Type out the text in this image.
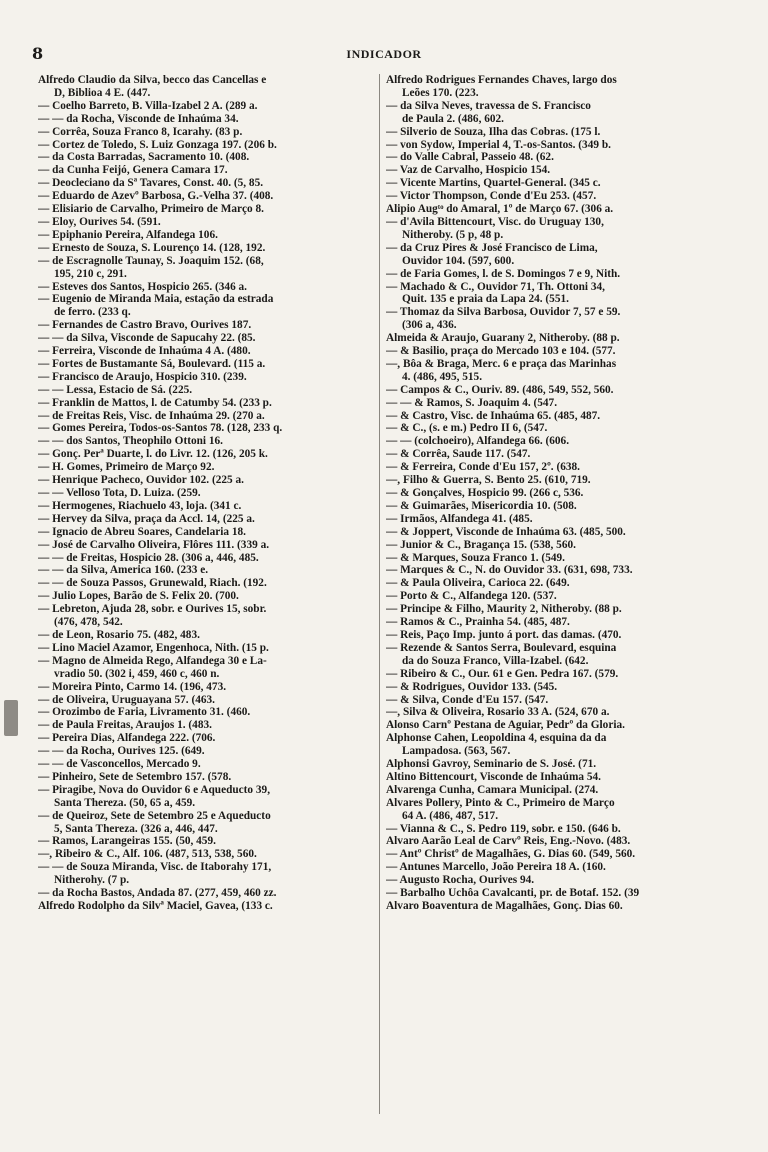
8	INDICADOR
Alfredo Claudio da Silva, becco das Cancellas e
D, Biblioa 4 E. (447.
— Coelho Barreto, B. Villa-Izabel 2 A. (289 a.
— — da Rocha, Visconde de Inhaúma 34.
— Corrêa, Souza Franco 8, Icarahy. (83 p.
— Cortez de Toledo, S. Luiz Gonzaga 197. (206 b.
— da Costa Barradas, Sacramento 10. (408.
— da Cunha Feijó, Genera Camara 17.
— Deocleciano da Sª Tavares, Const. 40. (5, 85.
— Eduardo de Azevº Barbosa, G.-Velha 37. (408.
— Elisiario de Carvalho, Primeiro de Março 8.
— Eloy, Ourives 54. (591.
— Epiphanio Pereira, Alfandega 106.
— Ernesto de Souza, S. Lourenço 14. (128, 192.
— de Escragnolle Taunay, S. Joaquim 152. (68,
195, 210 c, 291.
— Esteves dos Santos, Hospicio 265. (346 a.
— Eugenio de Miranda Maia, estação da estrada
de ferro. (233 q.
— Fernandes de Castro Bravo, Ourives 187.
— — da Silva, Visconde de Sapucahy 22. (85.
— Ferreira, Visconde de Inhaúma 4 A. (480.
— Fortes de Bustamante Sá, Boulevard. (115 a.
— Francisco de Araujo, Hospicio 310. (239.
— — Lessa, Estacio de Sá. (225.
— Franklin de Mattos, l. de Catumby 54. (233 p.
— de Freitas Reis, Visc. de Inhaúma 29. (270 a.
— Gomes Pereira, Todos-os-Santos 78. (128, 233 q.
— — dos Santos, Theophilo Ottoni 16.
— Gonç. Perª Duarte, l. do Livr. 12. (126, 205 k.
— H. Gomes, Primeiro de Março 92.
— Henrique Pacheco, Ouvidor 102. (225 a.
— — Velloso Tota, D. Luiza. (259.
— Hermogenes, Riachuelo 43, loja. (341 c.
— Hervey da Silva, praça da Accl. 14, (225 a.
— Ignacio de Abreu Soares, Candelaria 18.
— José de Carvalho Oliveira, Flôres 111. (339 a.
— — de Freitas, Hospicio 28. (306 a, 446, 485.
— — da Silva, America 160. (233 e.
— — de Souza Passos, Grunewald, Riach. (192.
— Julio Lopes, Barão de S. Felix 20. (700.
— Lebreton, Ajuda 28, sobr. e Ourives 15, sobr.
(476, 478, 542.
— de Leon, Rosario 75. (482, 483.
— Lino Maciel Azamor, Engenhoca, Nith. (15 p.
— Magno de Almeida Rego, Alfandega 30 e La-
vradio 50. (302 i, 459, 460 c, 460 n.
— Moreira Pinto, Carmo 14. (196, 473.
— de Oliveira, Uruguayana 57. (463.
— Orozimbo de Faria, Livramento 31. (460.
— de Paula Freitas, Araujos 1. (483.
— Pereira Dias, Alfandega 222. (706.
— — da Rocha, Ourives 125. (649.
— — de Vasconcellos, Mercado 9.
— Pinheiro, Sete de Setembro 157. (578.
— Piragibe, Nova do Ouvidor 6 e Aqueducto 39,
Santa Thereza. (50, 65 a, 459.
— de Queiroz, Sete de Setembro 25 e Aqueducto
5, Santa Thereza. (326 a, 446, 447.
— Ramos, Larangeiras 155. (50, 459.
—, Ribeiro & C., Alf. 106. (487, 513, 538, 560.
— — de Souza Miranda, Visc. de Itaborahy 171,
Nitherohy. (7 p.
— da Rocha Bastos, Andada 87. (277, 459, 460 zz.
Alfredo Rodolpho da Silvª Maciel, Gavea, (133 c.
Alfredo Rodrigues Fernandes Chaves, largo dos
Leões 170. (223.
— da Silva Neves, travessa de S. Francisco
de Paula 2. (486, 602.
— Silverio de Souza, Ilha das Cobras. (175 l.
— von Sydow, Imperial 4, T.-os-Santos. (349 b.
— do Valle Cabral, Passeio 48. (62.
— Vaz de Carvalho, Hospicio 154.
— Vicente Martins, Quartel-General. (345 c.
— Victor Thompson, Conde d'Eu 253. (457.
Alipio Augᵗᵒ do Amaral, 1º de Março 67. (306 a.
— d'Avila Bittencourt, Visc. do Uruguay 130,
Nitheroby. (5 p, 48 p.
— da Cruz Pires & José Francisco de Lima,
Ouvidor 104. (597, 600.
— de Faria Gomes, l. de S. Domingos 7 e 9, Nith.
— Machado & C., Ouvidor 71, Th. Ottoni 34,
Quit. 135 e praia da Lapa 24. (551.
— Thomaz da Silva Barbosa, Ouvidor 7, 57 e 59.
(306 a, 436.
Almeida & Araujo, Guarany 2, Nitheroby. (88 p.
— & Basilio, praça do Mercado 103 e 104. (577.
—, Bôa & Braga, Merc. 6 e praça das Marinhas
4. (486, 495, 515.
— Campos & C., Ouriv. 89. (486, 549, 552, 560.
— — & Ramos, S. Joaquim 4. (547.
— & Castro, Visc. de Inhaúma 65. (485, 487.
— & C., (s. e m.) Pedro II 6, (547.
— — (colchoeiro), Alfandega 66. (606.
— & Corrêa, Saude 117. (547.
— & Ferreira, Conde d'Eu 157, 2º. (638.
—, Filho & Guerra, S. Bento 25. (610, 719.
— & Gonçalves, Hospicio 99. (266 c, 536.
— & Guimarães, Misericordia 10. (508.
— Irmãos, Alfandega 41. (485.
— & Joppert, Visconde de Inhaúma 63. (485, 500.
— Junior & C., Bragança 15. (538, 560.
— & Marques, Souza Franco 1. (549.
— Marques & C., N. do Ouvidor 33. (631, 698, 733.
— & Paula Oliveira, Carioca 22. (649.
— Porto & C., Alfandega 120. (537.
— Principe & Filho, Maurity 2, Nitheroby. (88 p.
— Ramos & C., Prainha 54. (485, 487.
— Reis, Paço Imp. junto á port. das damas. (470.
— Rezende & Santos Serra, Boulevard, esquina
da do Souza Franco, Villa-Izabel. (642.
— Ribeiro & C., Our. 61 e Gen. Pedra 167. (579.
— & Rodrigues, Ouvidor 133. (545.
— & Silva, Conde d'Eu 157. (547.
—, Silva & Oliveira, Rosario 33 A. (524, 670 a.
Alonso Carnº Pestana de Aguiar, Pedrº da Gloria.
Alphonse Cahen, Leopoldina 4, esquina da da
Lampadosa. (563, 567.
Alphonsi Gavroy, Seminario de S. José. (71.
Altino Bittencourt, Visconde de Inhaúma 54.
Alvarenga Cunha, Camara Municipal. (274.
Alvares Pollery, Pinto & C., Primeiro de Março
64 A. (486, 487, 517.
— Vianna & C., S. Pedro 119, sobr. e 150. (646 b.
Alvaro Aarão Leal de Carvº Reis, Eng.-Novo. (483.
— Antº Christº de Magalhães, G. Dias 60. (549, 560.
— Antunes Marcello, João Pereira 18 A. (160.
— Augusto Rocha, Ourives 94.
— Barbalho Uchôa Cavalcanti, pr. de Botaf. 152. (39
Alvaro Boaventura de Magalhães, Gonç. Dias 60.
